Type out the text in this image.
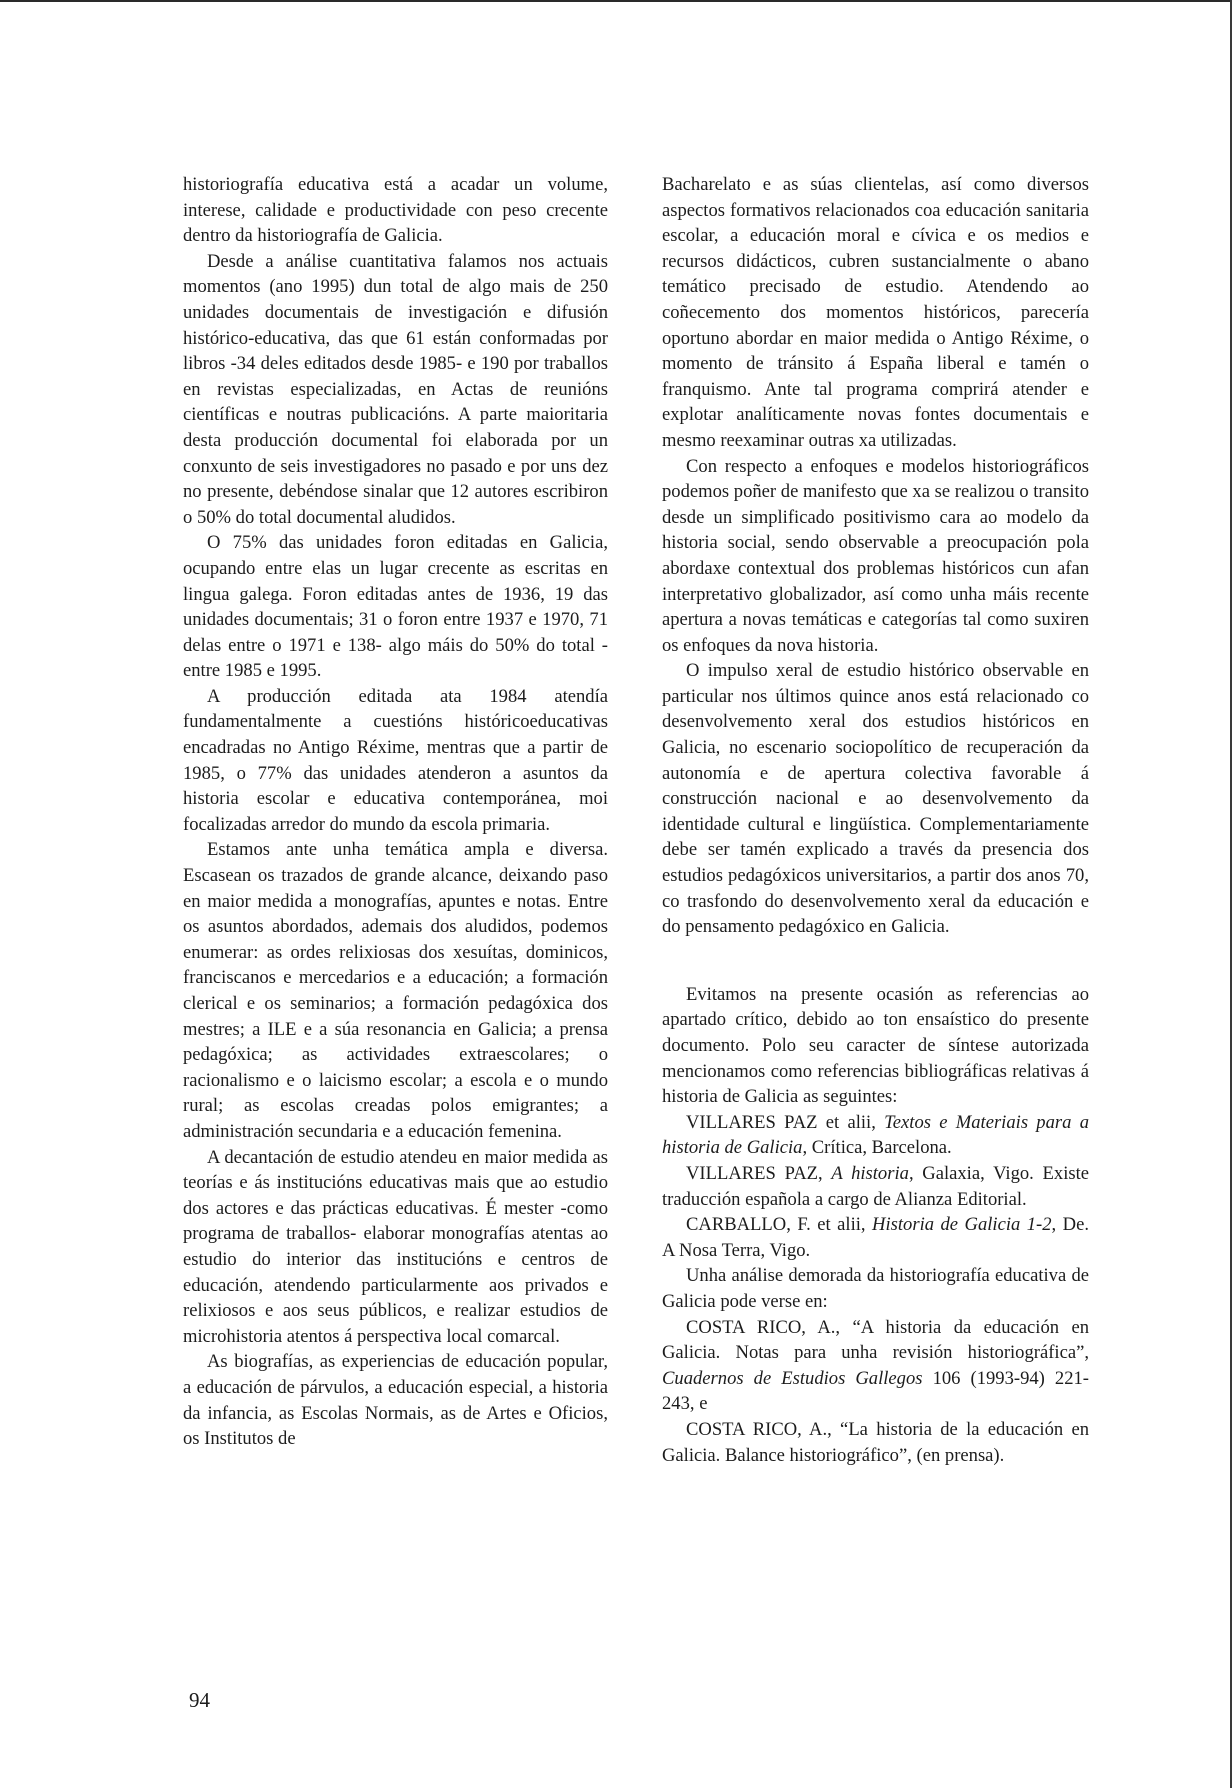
historiografía educativa está a acadar un volume, interese, calidade e productividade con peso crecente dentro da historiografía de Galicia.

Desde a análise cuantitativa falamos nos actuais momentos (ano 1995) dun total de algo mais de 250 unidades documentais de investigación e difusión histórico-educativa, das que 61 están conformadas por libros -34 deles editados desde 1985- e 190 por traballos en revistas especializadas, en Actas de reunións científicas e noutras publicacións. A parte maioritaria desta producción documental foi elaborada por un conxunto de seis investigadores no pasado e por uns dez no presente, debéndose sinalar que 12 autores escribiron o 50% do total documental aludidos.

O 75% das unidades foron editadas en Galicia, ocupando entre elas un lugar crecente as escritas en lingua galega. Foron editadas antes de 1936, 19 das unidades documentais; 31 o foron entre 1937 e 1970, 71 delas entre o 1971 e 138- algo máis do 50% do total -entre 1985 e 1995.

A producción editada ata 1984 atendía fundamentalmente a cuestións históricoeducativas encadradas no Antigo Réxime, mentras que a partir de 1985, o 77% das unidades atenderon a asuntos da historia escolar e educativa contemporánea, moi focalizadas arredor do mundo da escola primaria.

Estamos ante unha temática ampla e diversa. Escasean os trazados de grande alcance, deixando paso en maior medida a monografías, apuntes e notas. Entre os asuntos abordados, ademais dos aludidos, podemos enumerar: as ordes relixiosas dos xesuítas, dominicos, franciscanos e mercedarios e a educación; a formación clerical e os seminarios; a formación pedagóxica dos mestres; a ILE e a súa resonancia en Galicia; a prensa pedagóxica; as actividades extraescolares; o racionalismo e o laicismo escolar; a escola e o mundo rural; as escolas creadas polos emigrantes; a administración secundaria e a educación femenina.

A decantación de estudio atendeu en maior medida as teorías e ás institucións educativas mais que ao estudio dos actores e das prácticas educativas. É mester -como programa de traballos- elaborar monografías atentas ao estudio do interior das institucións e centros de educación, atendendo particularmente aos privados e relixiosos e aos seus públicos, e realizar estudios de microhistoria atentos á perspectiva local comarcal.

As biografías, as experiencias de educación popular, a educación de párvulos, a educación especial, a historia da infancia, as Escolas Normais, as de Artes e Oficios, os Institutos de

Bacharelato e as súas clientelas, así como diversos aspectos formativos relacionados coa educación sanitaria escolar, a educación moral e cívica e os medios e recursos didácticos, cubren sustancialmente o abano temático precisado de estudio. Atendendo ao coñecemento dos momentos históricos, parecería oportuno abordar en maior medida o Antigo Réxime, o momento de tránsito á España liberal e tamén o franquismo. Ante tal programa comprirá atender e explotar analíticamente novas fontes documentais e mesmo reexaminar outras xa utilizadas.

Con respecto a enfoques e modelos historiográficos podemos poñer de manifesto que xa se realizou o transito desde un simplificado positivismo cara ao modelo da historia social, sendo observable a preocupación pola abordaxe contextual dos problemas históricos cun afan interpretativo globalizador, así como unha máis recente apertura a novas temáticas e categorías tal como suxiren os enfoques da nova historia.

O impulso xeral de estudio histórico observable en particular nos últimos quince anos está relacionado co desenvolvemento xeral dos estudios históricos en Galicia, no escenario sociopolítico de recuperación da autonomía e de apertura colectiva favorable á construcción nacional e ao desenvolvemento da identidade cultural e lingüística. Complementariamente debe ser tamén explicado a través da presencia dos estudios pedagóxicos universitarios, a partir dos anos 70, co trasfondo do desenvolvemento xeral da educación e do pensamento pedagóxico en Galicia.

Evitamos na presente ocasión as referencias ao apartado crítico, debido ao ton ensaístico do presente documento. Polo seu caracter de síntese autorizada mencionamos como referencias bibliográficas relativas á historia de Galicia as seguintes:

VILLARES PAZ et alii, Textos e Materiais para a historia de Galicia, Crítica, Barcelona.

VILLARES PAZ, A historia, Galaxia, Vigo. Existe traducción española a cargo de Alianza Editorial.

CARBALLO, F. et alii, Historia de Galicia 1-2, De. A Nosa Terra, Vigo.

Unha análise demorada da historiografía educativa de Galicia pode verse en:

COSTA RICO, A., “A historia da educación en Galicia. Notas para unha revisión historiográfica”, Cuadernos de Estudios Gallegos 106 (1993-94) 221-243, e

COSTA RICO, A., “La historia de la educación en Galicia. Balance historiográfico”, (en prensa).

94
